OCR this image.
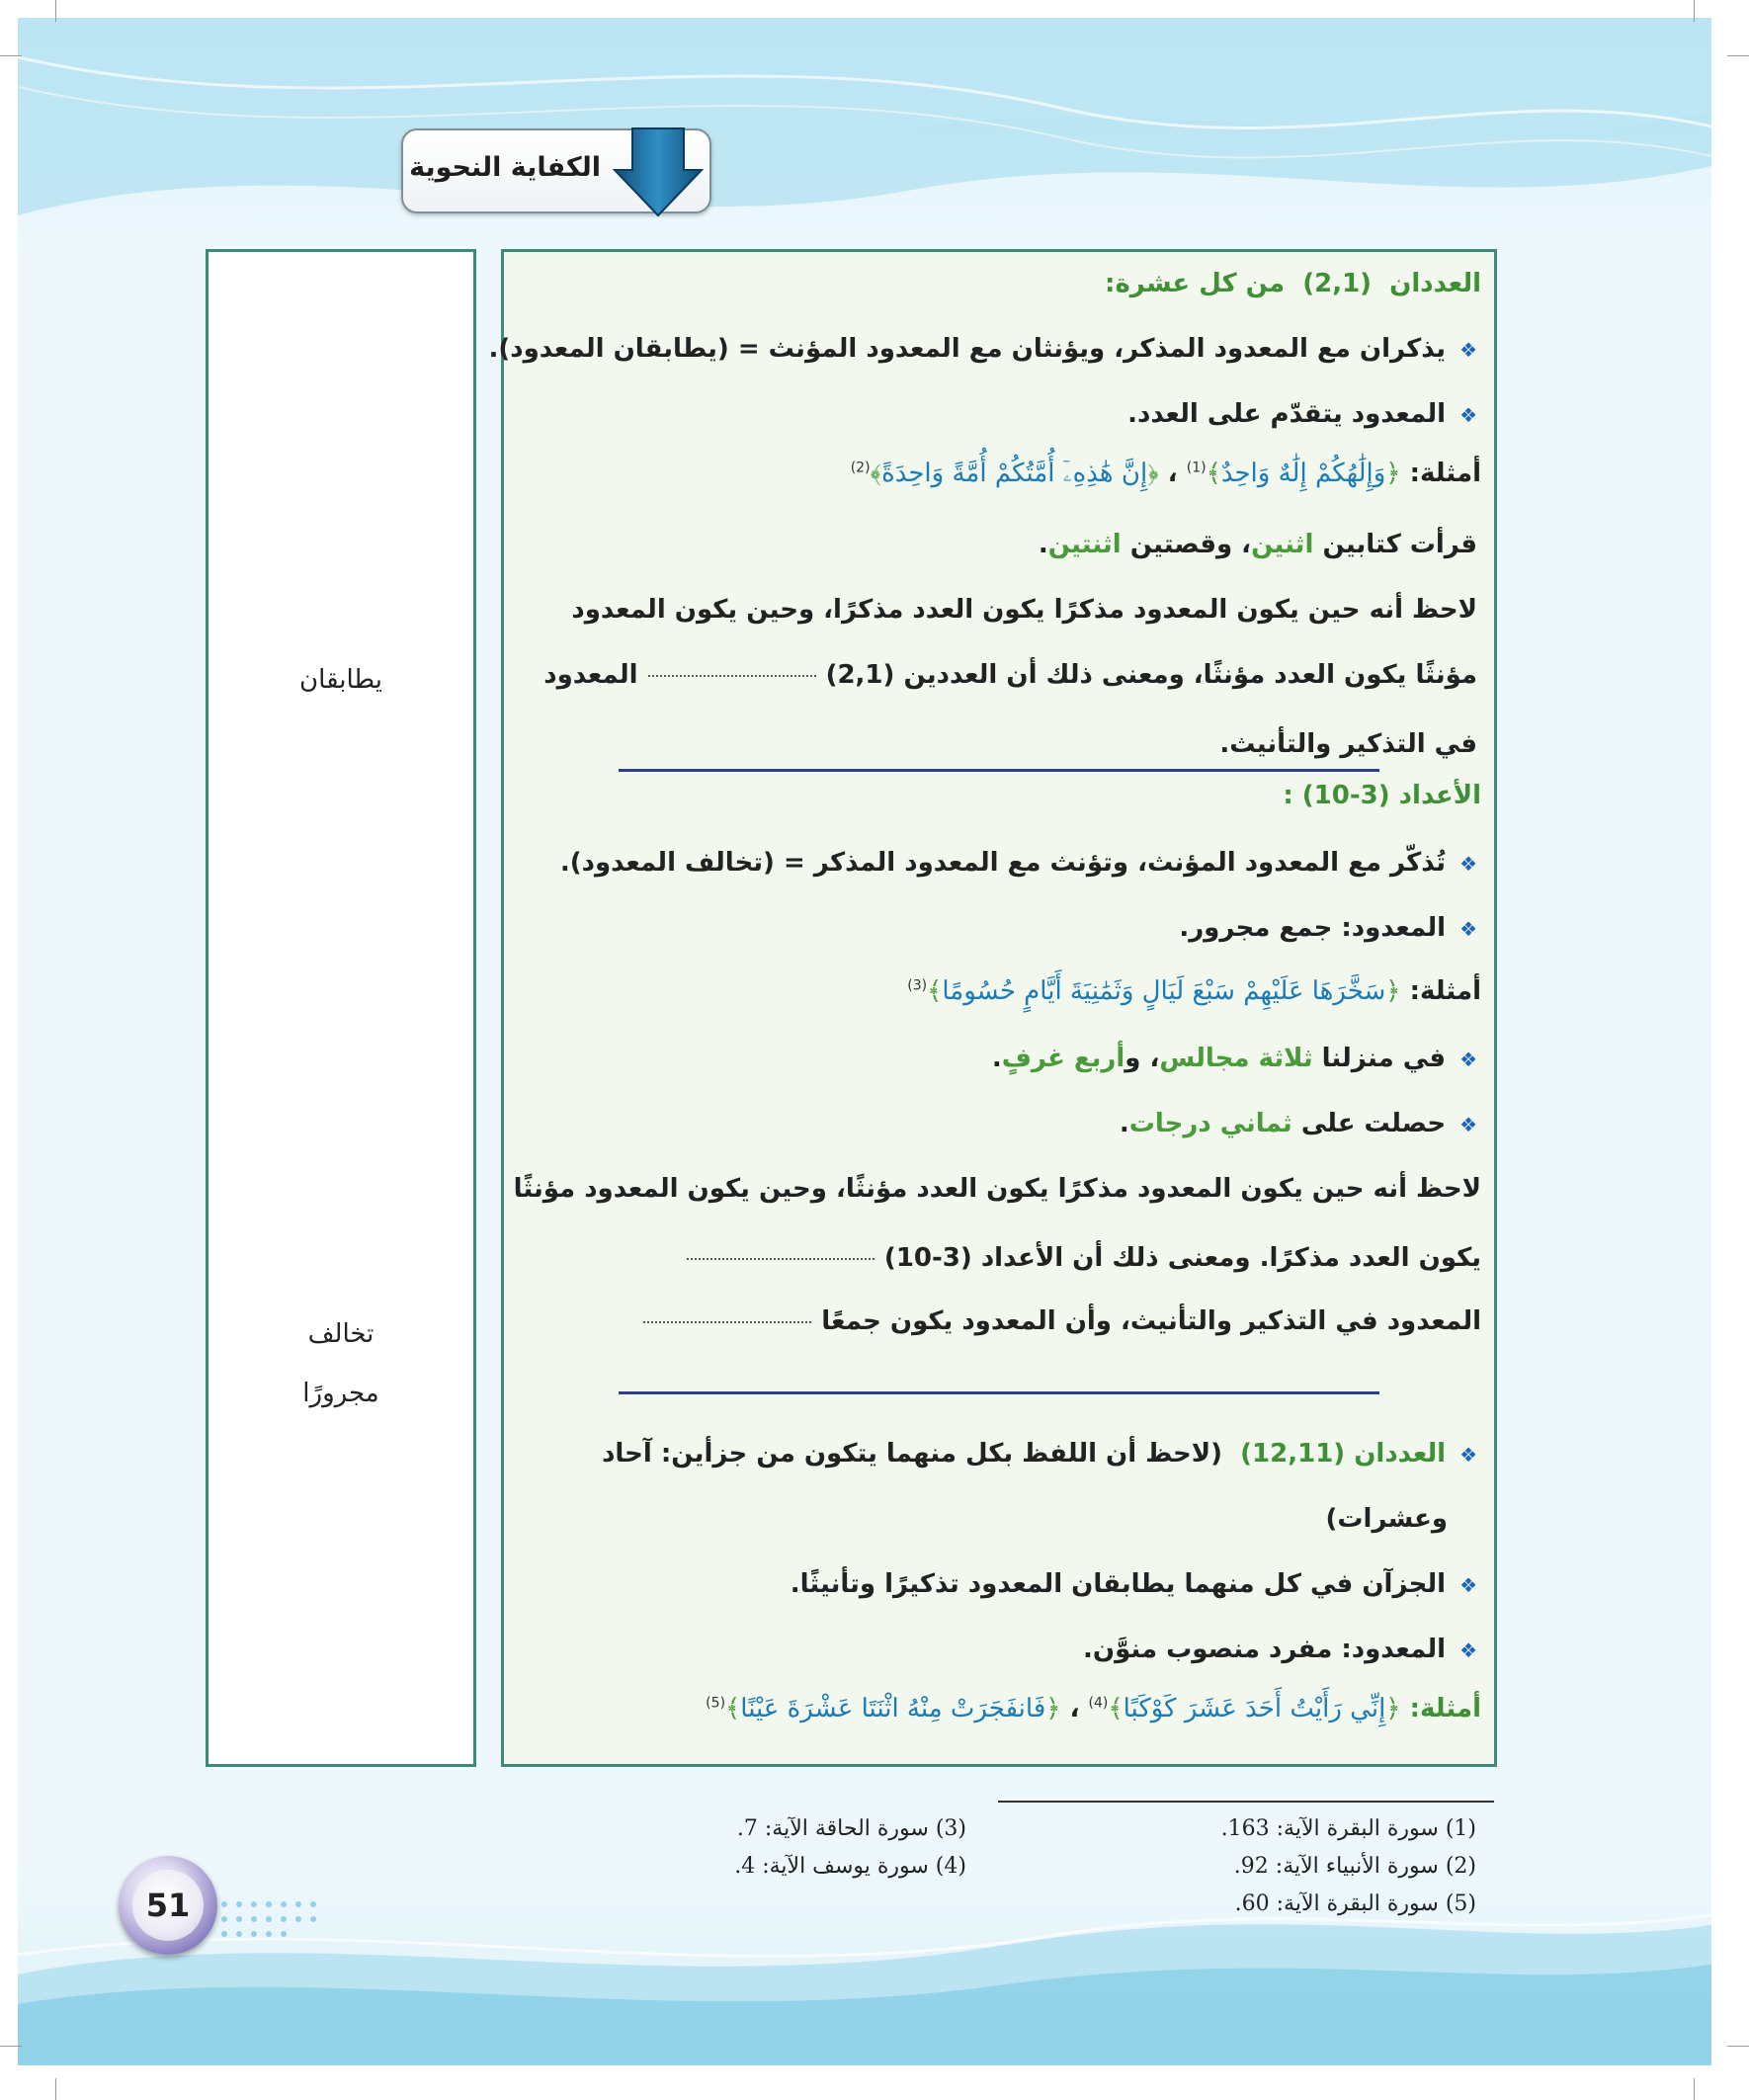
الكفاية النحوية
يطابقان
تخالف
مجرورًا
العددان  (2,1)  من كل عشرة:
❖يذكران مع المعدود المذكر، ويؤنثان مع المعدود المؤنث = (يطابقان المعدود).
❖المعدود يتقدّم على العدد.
أمثلة: ﴿وَإِلَٰهُكُمْ إِلَٰهٌ وَاحِدٌ﴾$^{(1)}$ ، ﴿إِنَّ هَٰذِهِۦٓ أُمَّتُكُمْ أُمَّةً وَاحِدَةً﴾$^{(2)}$
قرأت كتابين اثنين، وقصتين اثنتين.
لاحظ أنه حين يكون المعدود مذكرًا يكون العدد مذكرًا، وحين يكون المعدود
مؤنثًا يكون العدد مؤنثًا، ومعنى ذلك أن العددين (2,1)المعدود
في التذكير والتأنيث.
الأعداد (3-10) :
❖تُذكّر مع المعدود المؤنث، وتؤنث مع المعدود المذكر = (تخالف المعدود).
❖المعدود: جمع مجرور.
أمثلة: ﴿سَخَّرَهَا عَلَيْهِمْ سَبْعَ لَيَالٍ وَثَمَٰنِيَةَ أَيَّامٍ حُسُومًا﴾$^{(3)}$
❖في منزلنا ثلاثة مجالس، وأربع غرفٍ.
❖حصلت على ثماني درجات.
لاحظ أنه حين يكون المعدود مذكرًا يكون العدد مؤنثًا، وحين يكون المعدود مؤنثًا
يكون العدد مذكرًا. ومعنى ذلك أن الأعداد (3-10)
المعدود في التذكير والتأنيث، وأن المعدود يكون جمعًا
❖العددان (12,11)  (لاحظ أن اللفظ بكل منهما يتكون من جزأين: آحاد
وعشرات)
❖الجزآن في كل منهما يطابقان المعدود تذكيرًا وتأنيثًا.
❖المعدود: مفرد منصوب منوَّن.
أمثلة: ﴿إِنِّي رَأَيْتُ أَحَدَ عَشَرَ كَوْكَبًا﴾$^{(4)}$ ، ﴿فَانفَجَرَتْ مِنْهُ اثْنَتَا عَشْرَةَ عَيْنًا﴾$^{(5)}$
(1) سورة البقرة الآية: 163.
(2) سورة الأنبياء الآية: 92.
(5) سورة البقرة الآية: 60.
(3) سورة الحاقة الآية: 7.
(4) سورة يوسف الآية: 4.
51
